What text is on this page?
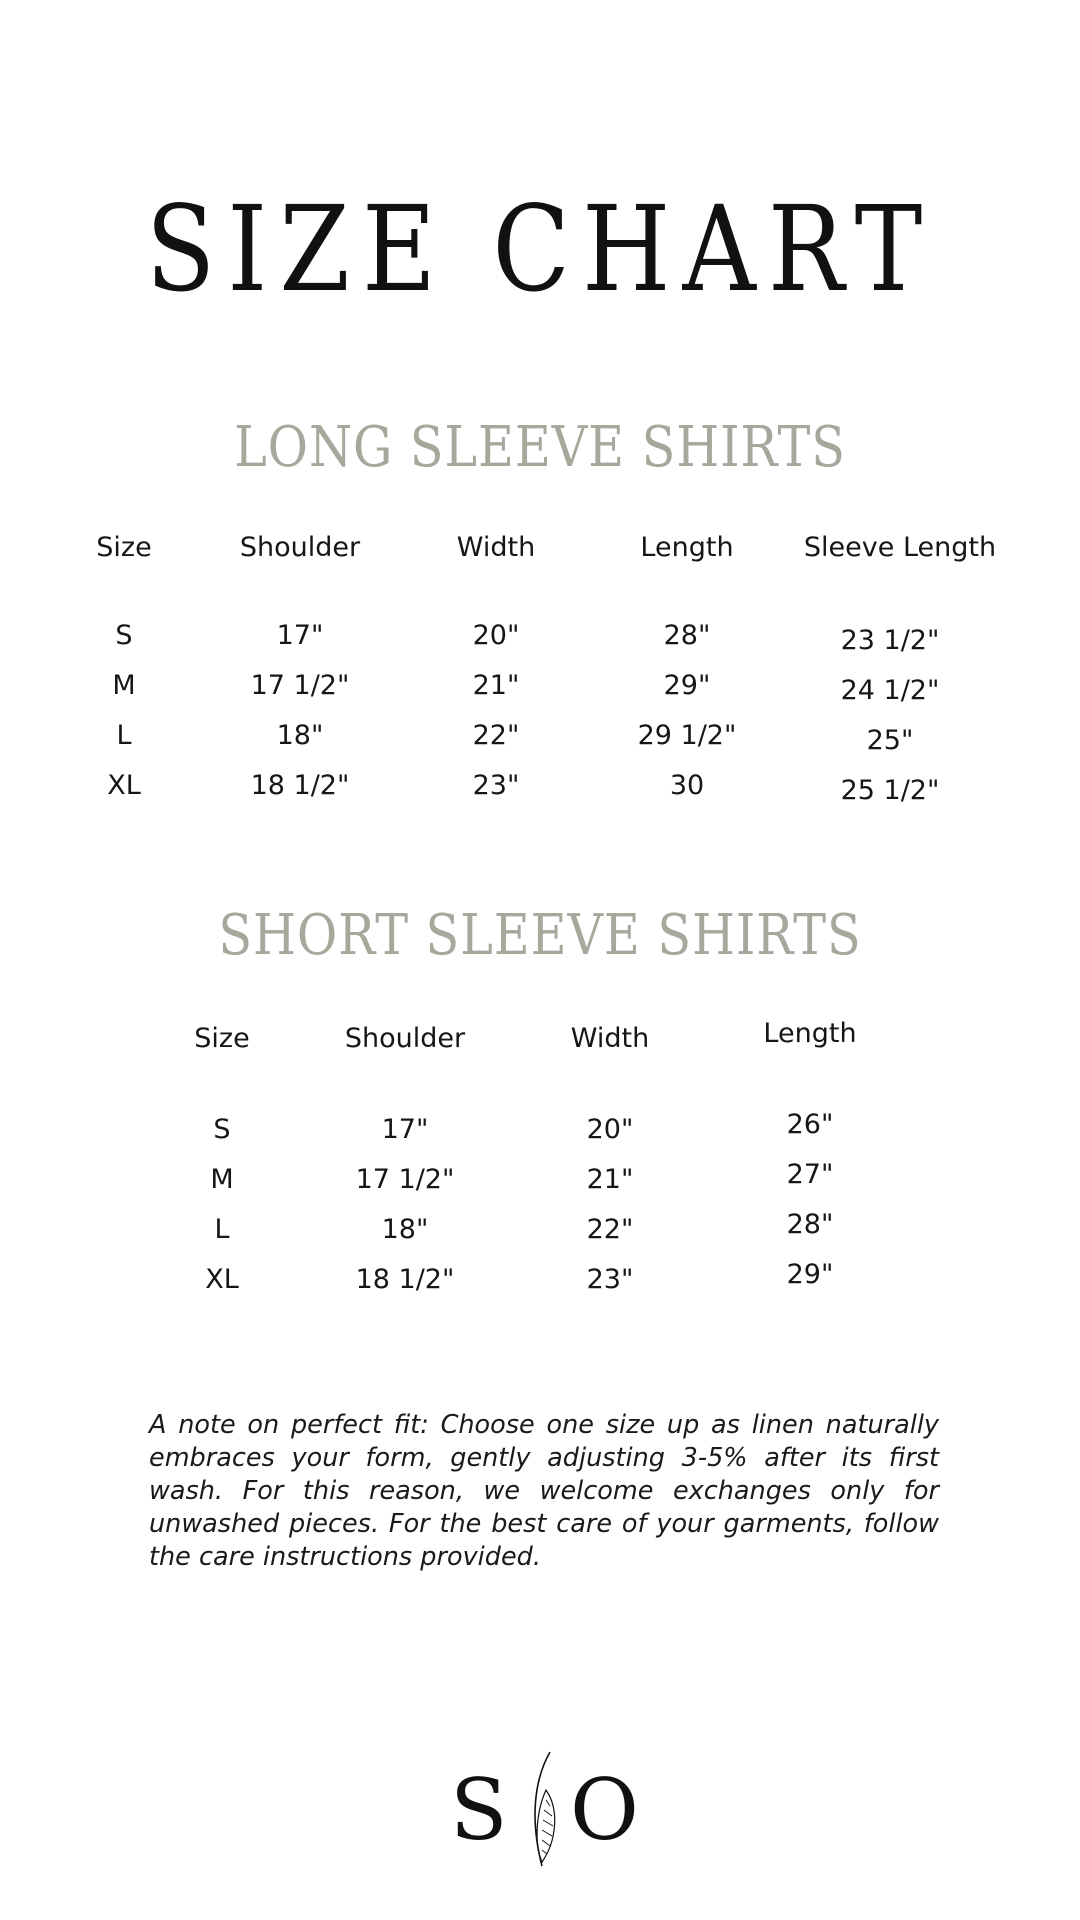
SIZE CHART
LONG SLEEVE SHIRTS
Size	Shoulder	Width	Length	Sleeve Length
S	17"	20"	28"	23 1/2"
M	17 1/2"	21"	29"	24 1/2"
L	18"	22"	29 1/2"	25"
XL	18 1/2"	23"	30	25 1/2"
SHORT SLEEVE SHIRTS
Size	Shoulder	Width	Length
S	17"	20"	26"
M	17 1/2"	21"	27"
L	18"	22"	28"
XL	18 1/2"	23"	29"

A note on perfect fit: Choose one size up as linen naturally embraces your form, gently adjusting 3-5% after its first wash. For this reason, we welcome exchanges only for unwashed pieces. For the best care of your garments, follow the care instructions provided.

S O
